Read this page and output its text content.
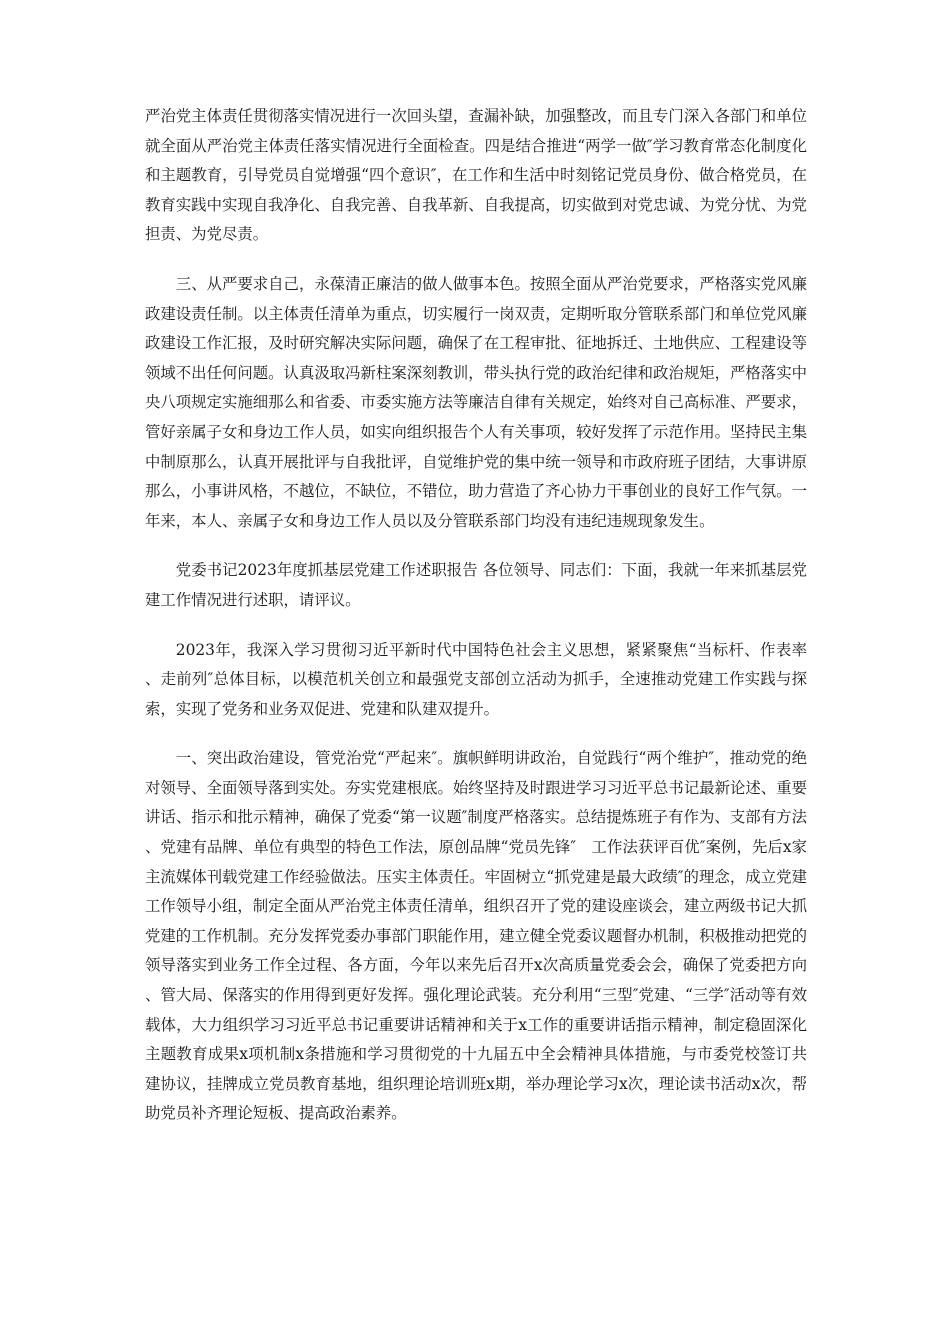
严治党主体责任贯彻落实情况进行一次回头望，查漏补缺，加强整改，而且专门深入各部门和单位就全面从严治党主体责任落实情况进行全面检查。四是结合推进“两学一做″学习教育常态化制度化和主题教育，引导党员自觉增强“四个意识″，在工作和生活中时刻铭记党员身份、做合格党员，在教育实践中实现自我净化、自我完善、自我革新、自我提高，切实做到对党忠诚、为党分忧、为党担责、为党尽责。

三、从严要求自己，永葆清正廉洁的做人做事本色。按照全面从严治党要求，严格落实党风廉政建设责任制。以主体责任清单为重点，切实履行一岗双责，定期听取分管联系部门和单位党风廉政建设工作汇报，及时研究解决实际问题，确保了在工程审批、征地拆迁、土地供应、工程建设等领域不出任何问题。认真汲取冯新柱案深刻教训，带头执行党的政治纪律和政治规矩，严格落实中央八项规定实施细那么和省委、市委实施方法等廉洁自律有关规定，始终对自己高标准、严要求，管好亲属子女和身边工作人员，如实向组织报告个人有关事项，较好发挥了示范作用。坚持民主集中制原那么，认真开展批评与自我批评，自觉维护党的集中统一领导和市政府班子团结，大事讲原那么，小事讲风格，不越位，不缺位，不错位，助力营造了齐心协力干事创业的良好工作气氛。一年来，本人、亲属子女和身边工作人员以及分管联系部门均没有违纪违规现象发生。

党委书记2023年度抓基层党建工作述职报告 各位领导、同志们：下面，我就一年来抓基层党建工作情况进行述职，请评议。

2023年，我深入学习贯彻习近平新时代中国特色社会主义思想，紧紧聚焦“当标杆、作表率、走前列″总体目标，以模范机关创立和最强党支部创立活动为抓手，全速推动党建工作实践与探索，实现了党务和业务双促进、党建和队建双提升。

一、突出政治建设，管党治党“严起来″。旗帜鲜明讲政治，自觉践行“两个维护″，推动党的绝对领导、全面领导落到实处。夯实党建根底。始终坚持及时跟进学习习近平总书记最新论述、重要讲话、指示和批示精神，确保了党委“第一议题″制度严格落实。总结提炼班子有作为、支部有方法、党建有品牌、单位有典型的特色工作法，原创品牌“党员先锋″　工作法获评百优″案例，先后x家主流媒体刊载党建工作经验做法。压实主体责任。牢固树立“抓党建是最大政绩″的理念，成立党建工作领导小组，制定全面从严治党主体责任清单，组织召开了党的建设座谈会，建立两级书记大抓党建的工作机制。充分发挥党委办事部门职能作用，建立健全党委议题督办机制，积极推动把党的领导落实到业务工作全过程、各方面，今年以来先后召开x次高质量党委会会，确保了党委把方向、管大局、保落实的作用得到更好发挥。强化理论武装。充分利用“三型″党建、“三学″活动等有效载体，大力组织学习习近平总书记重要讲话精神和关于x工作的重要讲话指示精神，制定稳固深化主题教育成果x项机制x条措施和学习贯彻党的十九届五中全会精神具体措施，与市委党校签订共建协议，挂牌成立党员教育基地，组织理论培训班x期，举办理论学习x次，理论读书活动x次，帮助党员补齐理论短板、提高政治素养。
